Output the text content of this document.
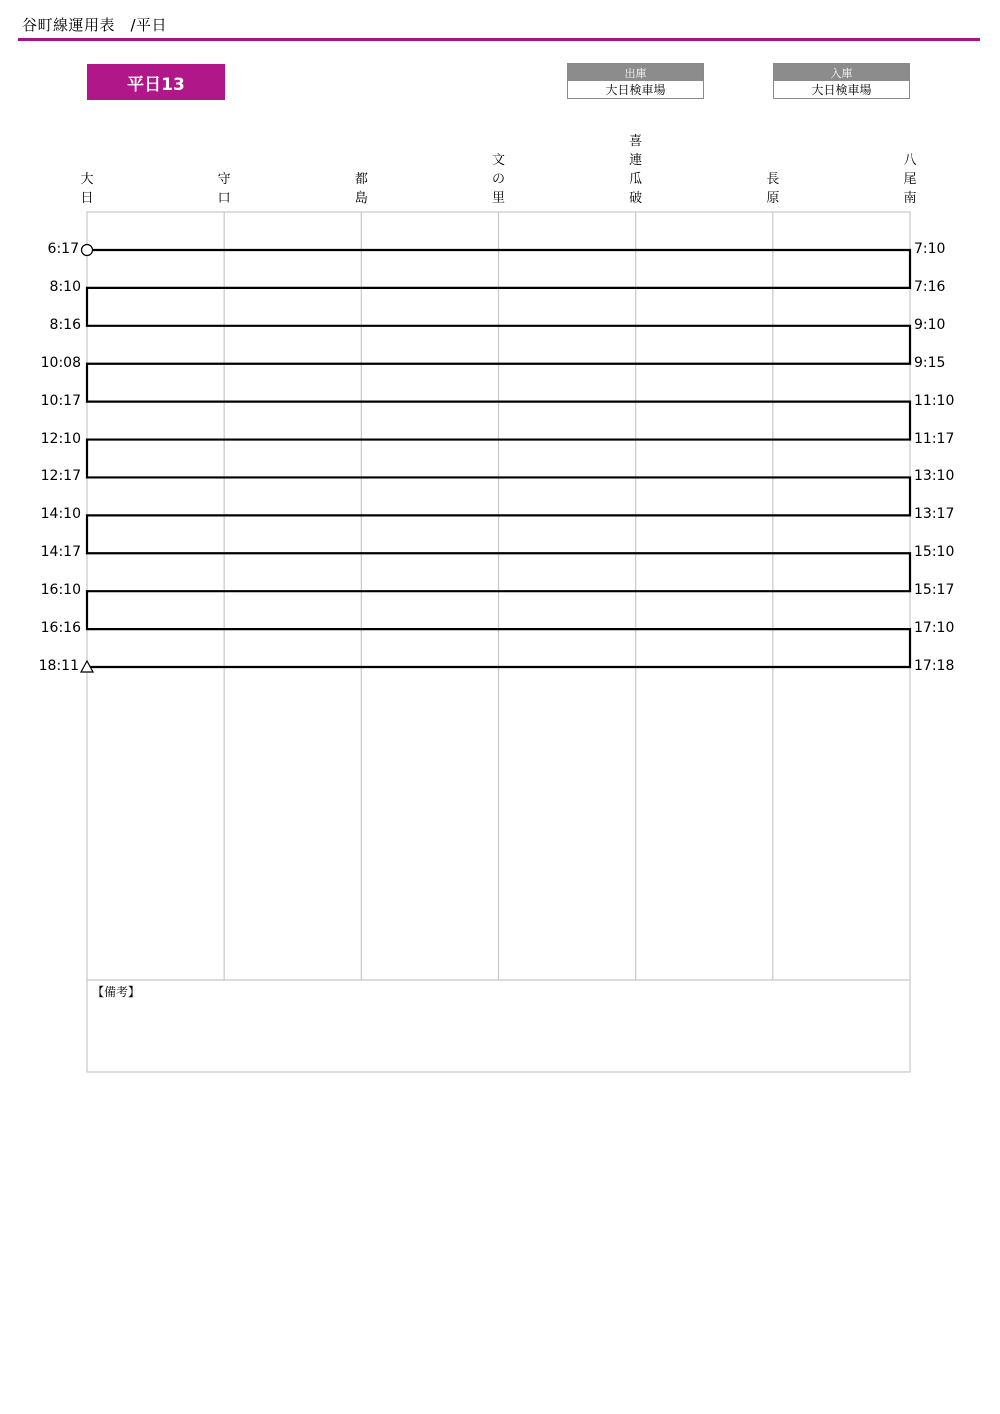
谷町線運用表　/平日
平日13
出庫
大日検車場
入庫
大日検車場
大日
守口
都島
文の里
喜連瓜破
長原
八尾南
6:17	7:10
8:10	7:16
8:16	9:10
10:08	9:15
10:17	11:10
12:10	11:17
12:17	13:10
14:10	13:17
14:17	15:10
16:10	15:17
16:16	17:10
18:11	17:18
【備考】
